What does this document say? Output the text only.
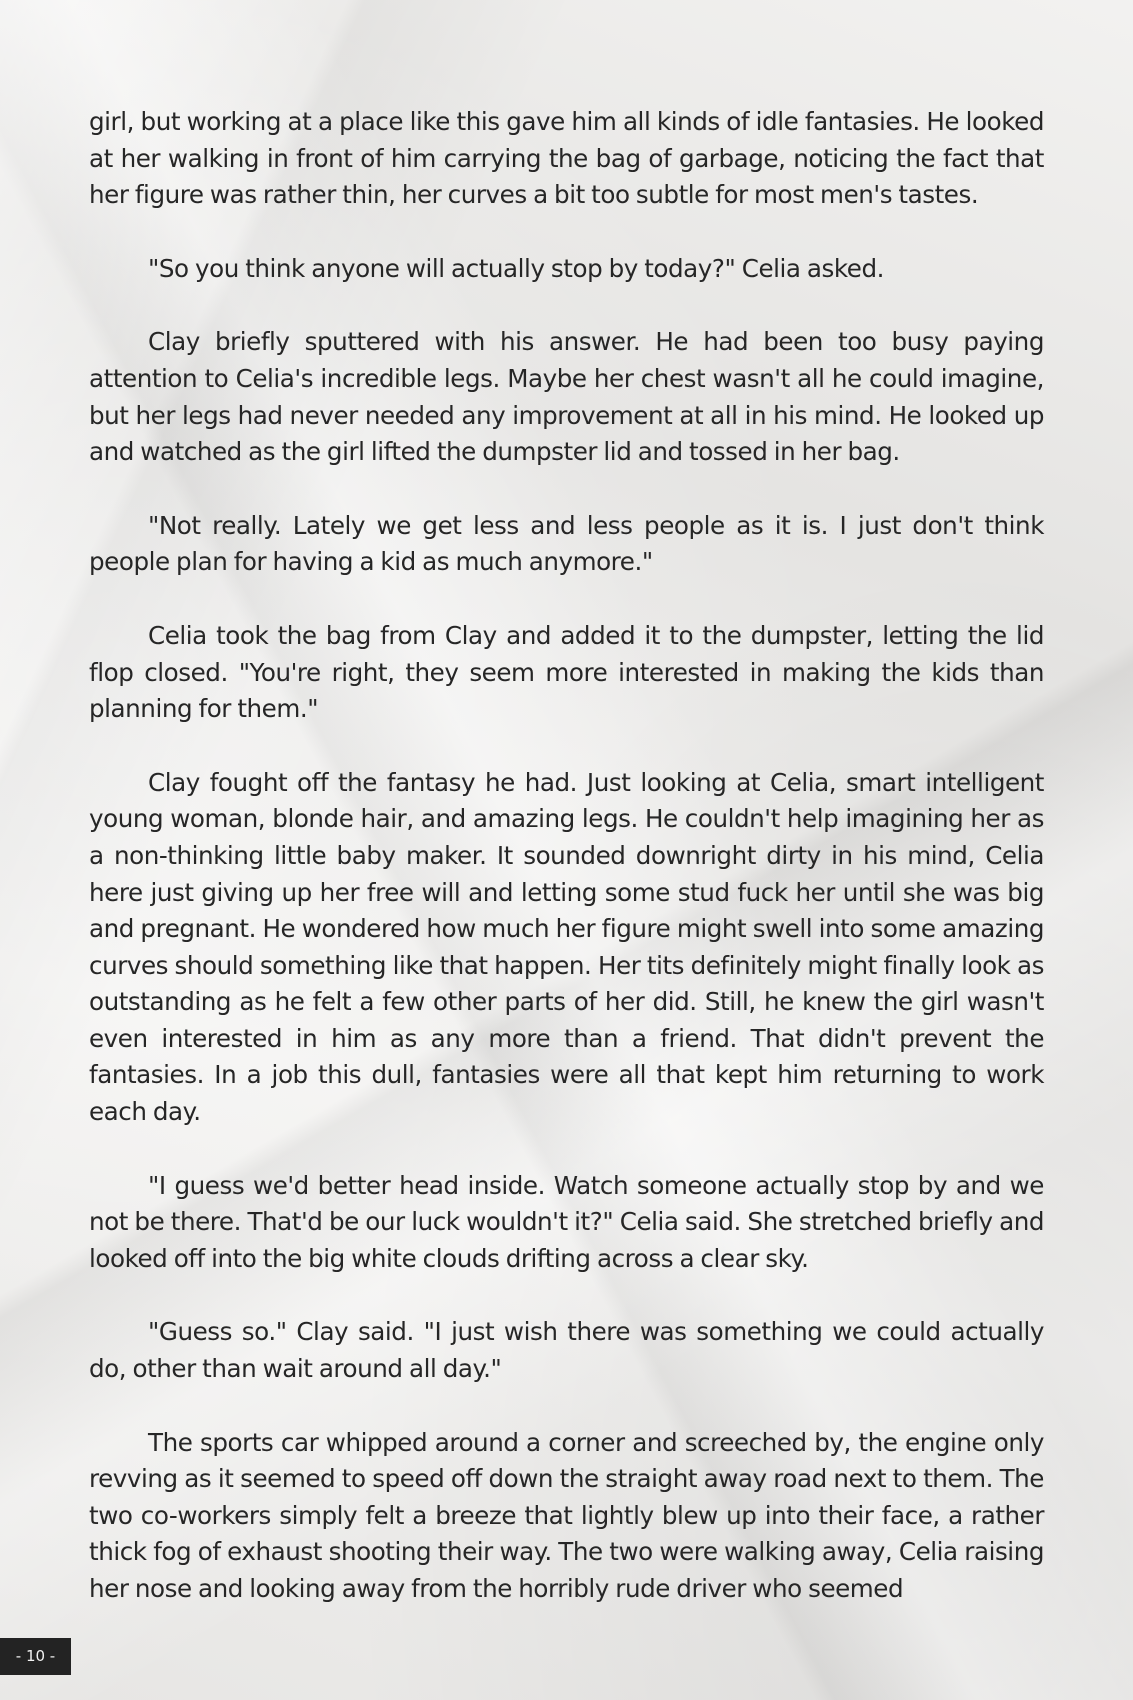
girl, but working at a place like this gave him all kinds of idle fantasies. He looked at her walking in front of him carrying the bag of garbage, noticing the fact that her figure was rather thin, her curves a bit too subtle for most men's tastes.

"So you think anyone will actually stop by today?" Celia asked.

Clay briefly sputtered with his answer. He had been too busy paying attention to Celia's incredible legs. Maybe her chest wasn't all he could imagine, but her legs had never needed any improvement at all in his mind. He looked up and watched as the girl lifted the dumpster lid and tossed in her bag.

"Not really. Lately we get less and less people as it is. I just don't think people plan for having a kid as much anymore."

Celia took the bag from Clay and added it to the dumpster, letting the lid flop closed. "You're right, they seem more interested in making the kids than planning for them."

Clay fought off the fantasy he had. Just looking at Celia, smart intelligent young woman, blonde hair, and amazing legs. He couldn't help imagining her as a non-thinking little baby maker. It sounded downright dirty in his mind, Celia here just giving up her free will and letting some stud fuck her until she was big and pregnant. He wondered how much her figure might swell into some amazing curves should something like that happen. Her tits definitely might finally look as outstanding as he felt a few other parts of her did. Still, he knew the girl wasn't even interested in him as any more than a friend. That didn't prevent the fantasies. In a job this dull, fantasies were all that kept him returning to work each day.

"I guess we'd better head inside. Watch someone actually stop by and we not be there. That'd be our luck wouldn't it?" Celia said. She stretched briefly and looked off into the big white clouds drifting across a clear sky.

"Guess so." Clay said. "I just wish there was something we could actually do, other than wait around all day."

The sports car whipped around a corner and screeched by, the engine only revving as it seemed to speed off down the straight away road next to them. The two co-workers simply felt a breeze that lightly blew up into their face, a rather thick fog of exhaust shooting their way. The two were walking away, Celia raising her nose and looking away from the horribly rude driver who seemed

- 10 -
